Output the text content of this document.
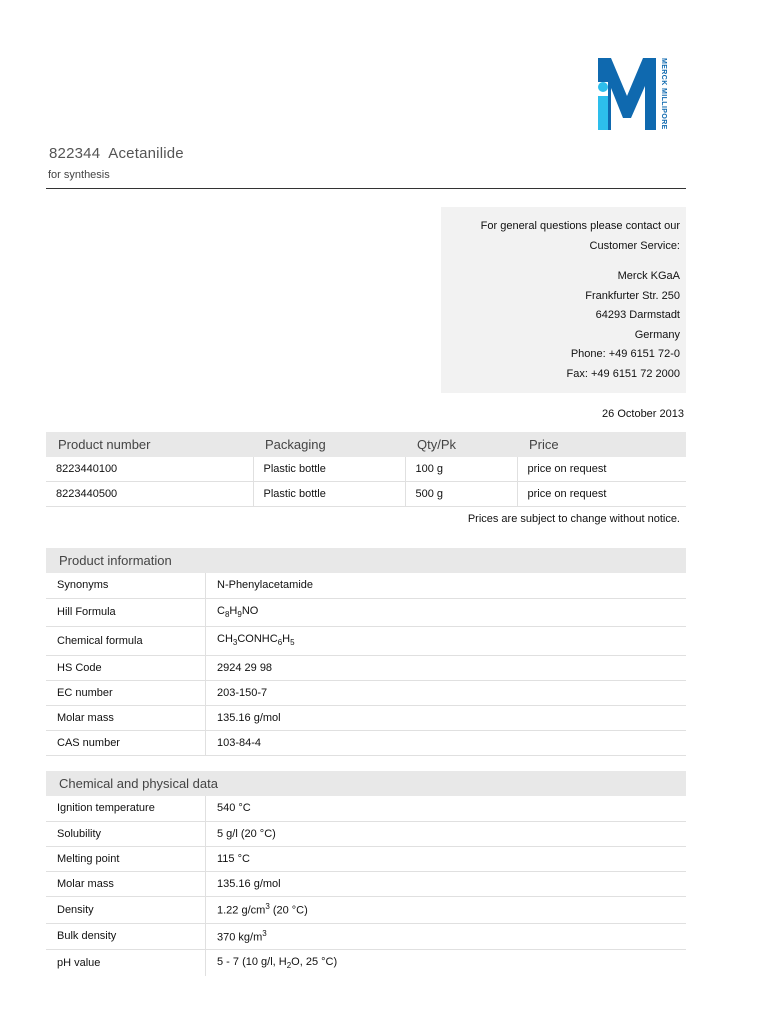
MERCK MILLIPORE
822344 Acetanilide
for synthesis
For general questions please contact our
Customer Service:
Merck KGaA
Frankfurter Str. 250
64293 Darmstadt
Germany
Phone: +49 6151 72-0
Fax: +49 6151 72 2000
26 October 2013
Product number	Packaging	Qty/Pk	Price
8223440100	Plastic bottle	100 g	price on request
8223440500	Plastic bottle	500 g	price on request
Prices are subject to change without notice.
Product information
Synonyms	N-Phenylacetamide
Hill Formula	$C_8H_9NO$
Chemical formula	$CH_3CONHC_6H_5$
HS Code	2924 29 98
EC number	203-150-7
Molar mass	135.16 g/mol
CAS number	103-84-4
Chemical and physical data
Ignition temperature	540 °C
Solubility	5 g/l (20 °C)
Melting point	115 °C
Molar mass	135.16 g/mol
Density	1.22 $g/cm^3$ (20 °C)
Bulk density	370 $kg/m^3$
pH value	5 - 7 (10 g/l, $H_2O$, 25 °C)
